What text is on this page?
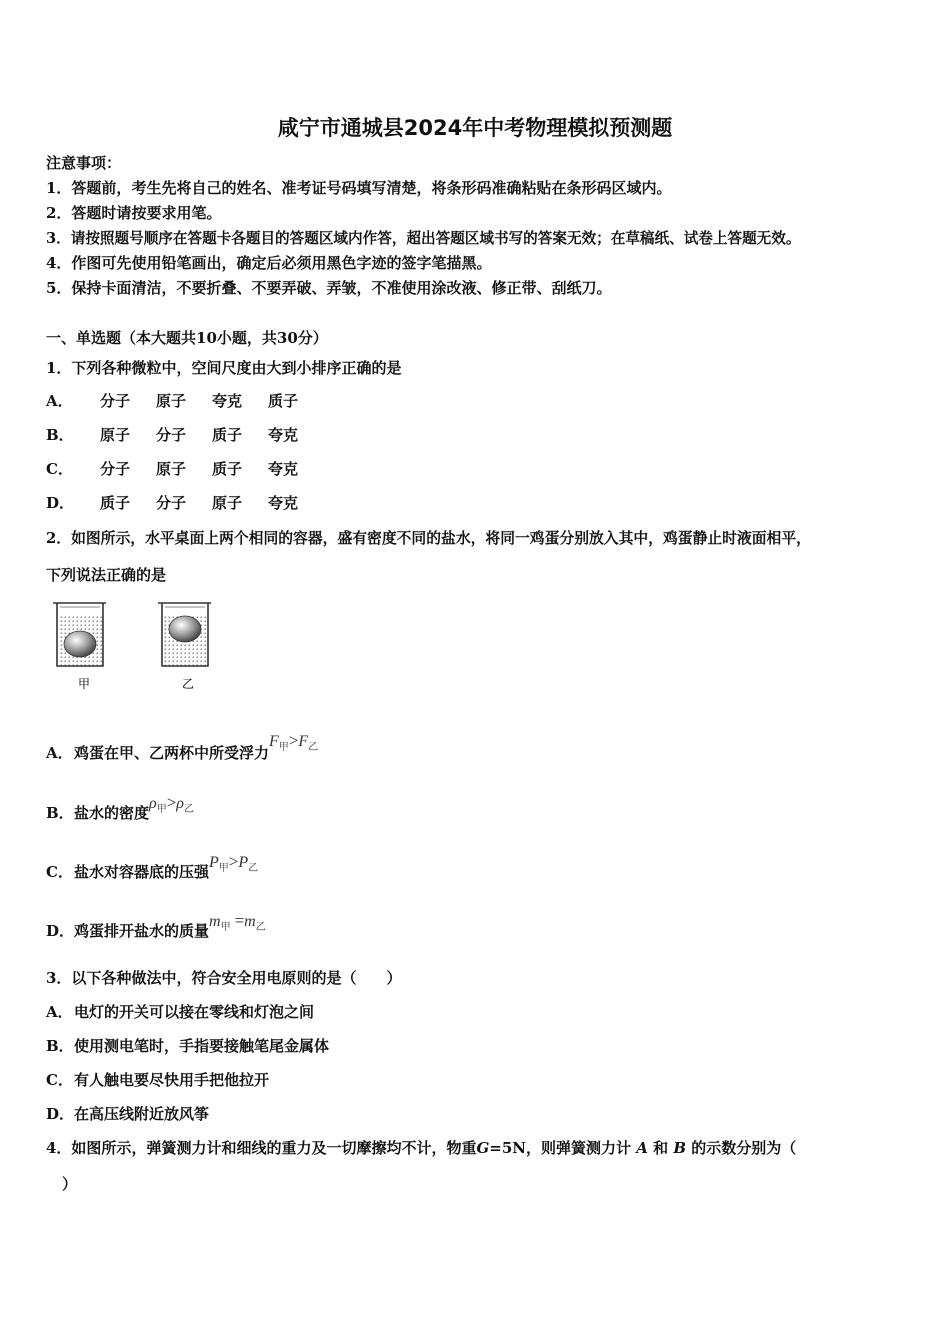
咸宁市通城县2024年中考物理模拟预测题
注意事项：
1．答题前，考生先将自己的姓名、准考证号码填写清楚，将条形码准确粘贴在条形码区域内。
2．答题时请按要求用笔。
3．请按照题号顺序在答题卡各题目的答题区域内作答，超出答题区域书写的答案无效；在草稿纸、试卷上答题无效。
4．作图可先使用铅笔画出，确定后必须用黑色字迹的签字笔描黑。
5．保持卡面清洁，不要折叠、不要弄破、弄皱，不准使用涂改液、修正带、刮纸刀。
一、单选题（本大题共10小题，共30分）
1．下列各种微粒中，空间尺度由大到小排序正确的是
A． 分子 原子 夸克 质子
B． 原子 分子 质子 夸克
C． 分子 原子 质子 夸克
D． 质子 分子 原子 夸克
2．如图所示，水平桌面上两个相同的容器，盛有密度不同的盐水，将同一鸡蛋分别放入其中，鸡蛋静止时液面相平，
下列说法正确的是
甲	乙
A．鸡蛋在甲、乙两杯中所受浮力$F_甲>F_乙$
B．盐水的密度$\rho_甲>\rho_乙$
C．盐水对容器底的压强$P_甲>P_乙$
D．鸡蛋排开盐水的质量$m_甲 =m_乙$
3．以下各种做法中，符合安全用电原则的是（　　）
A．电灯的开关可以接在零线和灯泡之间
B．使用测电笔时，手指要接触笔尾金属体
C．有人触电要尽快用手把他拉开
D．在高压线附近放风筝
4．如图所示，弹簧测力计和细线的重力及一切摩擦均不计，物重G=5N，则弹簧测力计 A 和 B 的示数分别为（
）
